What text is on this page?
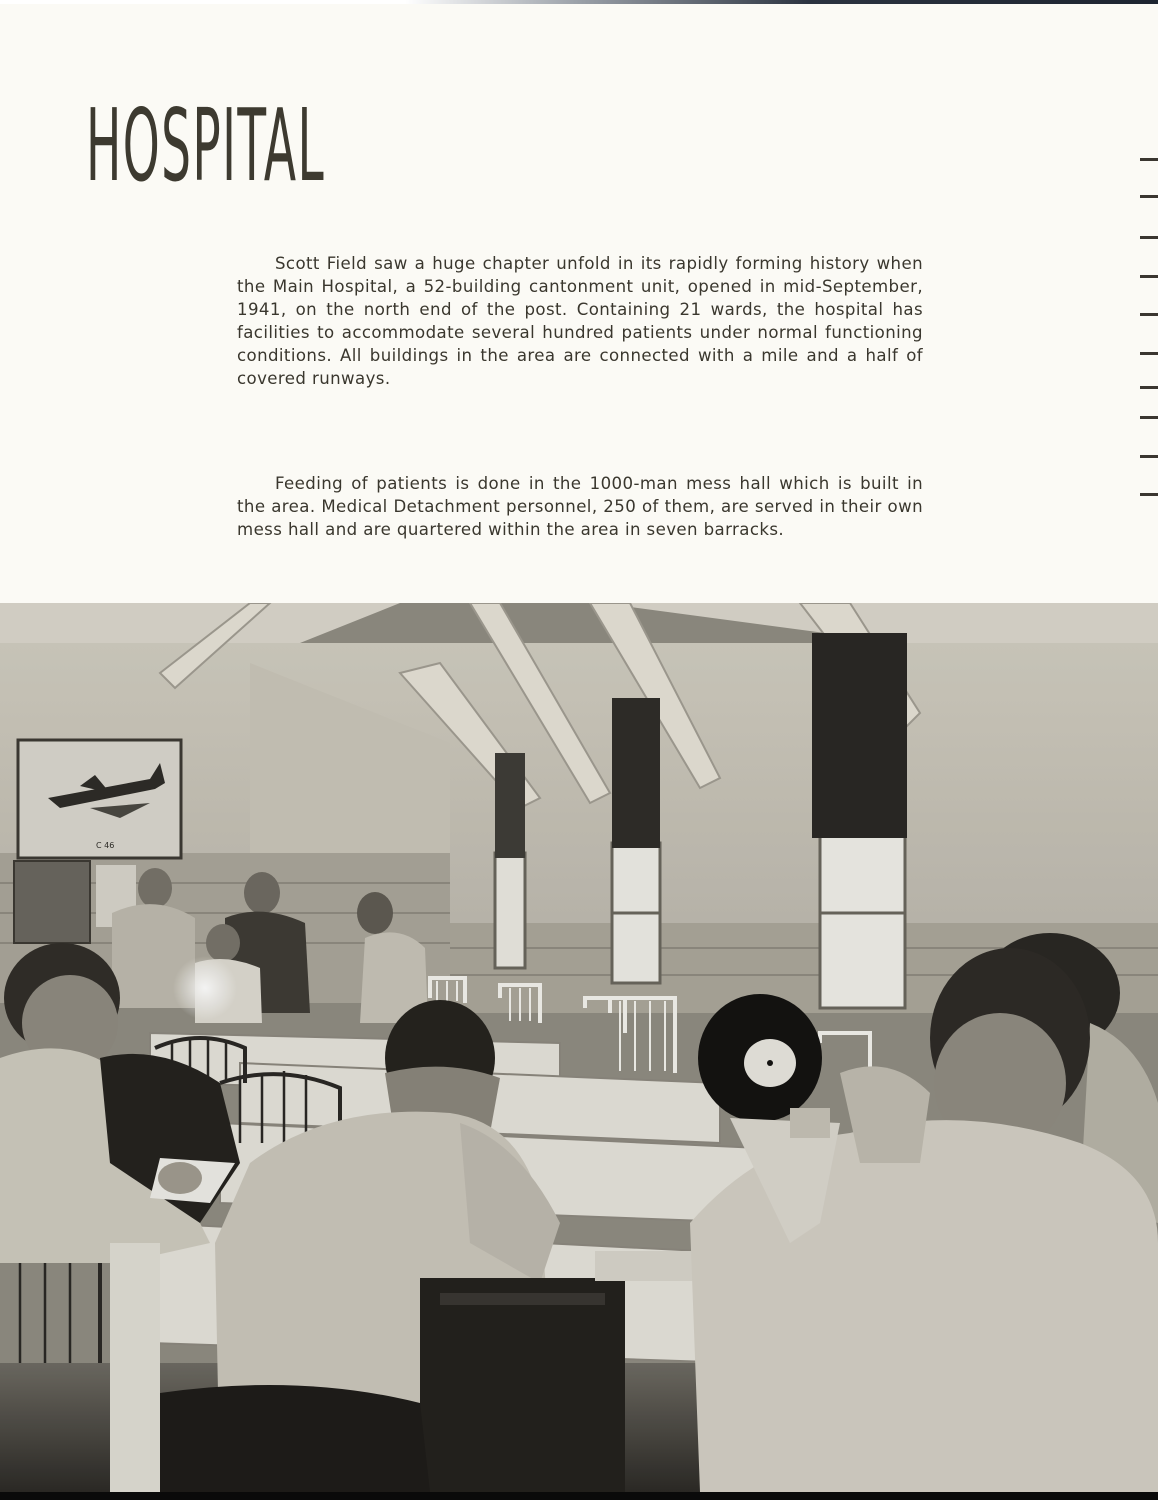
HOSPITAL

Scott Field saw a huge chapter unfold in its rapidly forming history when the Main Hospital, a 52-building cantonment unit, opened in mid-September, 1941, on the north end of the post. Containing 21 wards, the hospital has facilities to accommodate several hundred patients under normal functioning conditions. All buildings in the area are connected with a mile and a half of covered runways.

Feeding of patients is done in the 1000-man mess hall which is built in the area. Medical Detachment personnel, 250 of them, are served in their own mess hall and are quartered within the area in seven barracks.

C 46
